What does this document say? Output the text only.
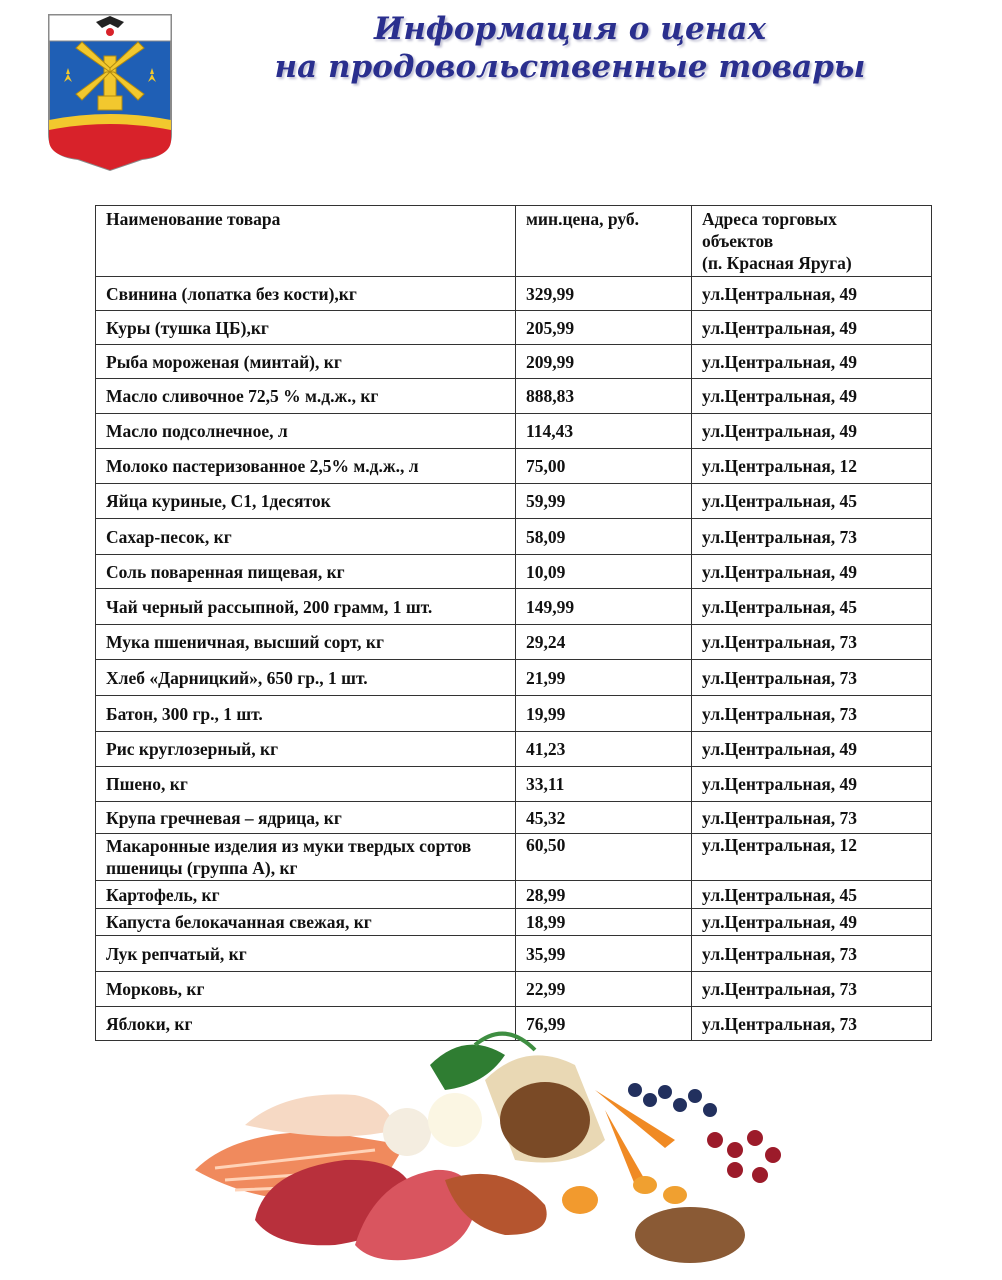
Информация о ценах
на продовольственные товары
Наименование товара	мин.цена, руб.	Адреса торговых
объектов
(п. Красная Яруга)

Свинина (лопатка без кости),кг	329,99	ул.Центральная, 49
Куры (тушка ЦБ),кг	205,99	ул.Центральная, 49
Рыба мороженая (минтай), кг	209,99	ул.Центральная, 49
Масло сливочное 72,5 % м.д.ж., кг	888,83	ул.Центральная, 49
Масло подсолнечное, л	114,43	ул.Центральная, 49
Молоко пастеризованное 2,5% м.д.ж., л	75,00	ул.Центральная, 12
Яйца куриные, С1, 1десяток	59,99	ул.Центральная, 45
Сахар-песок, кг	58,09	ул.Центральная, 73
Соль поваренная пищевая, кг	10,09	ул.Центральная, 49
Чай черный рассыпной, 200 грамм, 1 шт.	149,99	ул.Центральная, 45
Мука пшеничная, высший сорт, кг	29,24	ул.Центральная, 73
Хлеб «Дарницкий», 650 гр., 1 шт.	21,99	ул.Центральная, 73
Батон, 300 гр., 1 шт.	19,99	ул.Центральная, 73
Рис круглозерный, кг	41,23	ул.Центральная, 49
Пшено, кг	33,11	ул.Центральная, 49
Крупа гречневая – ядрица, кг	45,32	ул.Центральная, 73
Макаронные изделия из муки твердых сортов пшеницы (группа А), кг	60,50	ул.Центральная, 12
Картофель, кг	28,99	ул.Центральная, 45
Капуста белокачанная свежая, кг	18,99	ул.Центральная, 49
Лук репчатый, кг	35,99	ул.Центральная, 73
Морковь, кг	22,99	ул.Центральная, 73
Яблоки, кг	76,99	ул.Центральная, 73
